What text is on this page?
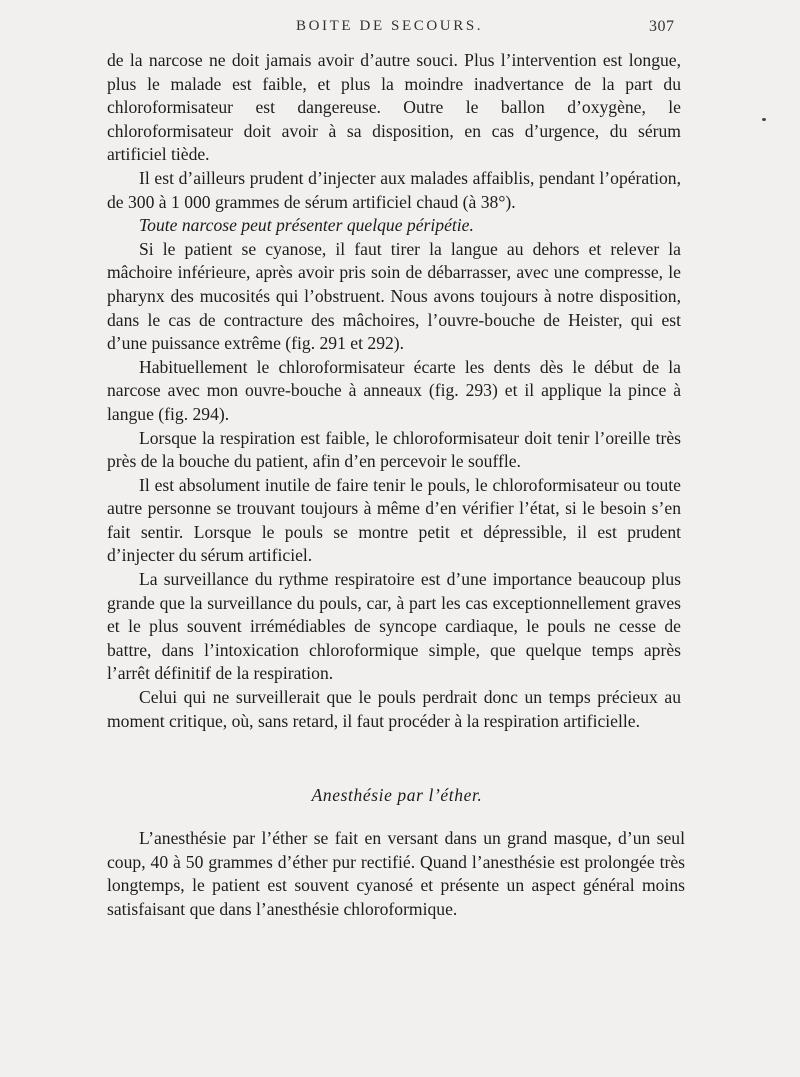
BOITE DE SECOURS.	307

de la narcose ne doit jamais avoir d’autre souci. Plus l’intervention est longue, plus le malade est faible, et plus la moindre inadvertance de la part du chloroformisateur est dangereuse. Outre le ballon d’oxygène, le chloroformisateur doit avoir à sa disposition, en cas d’urgence, du sérum artificiel tiède.

Il est d’ailleurs prudent d’injecter aux malades affaiblis, pendant l’opération, de 300 à 1 000 grammes de sérum artificiel chaud (à 38°).

Toute narcose peut présenter quelque péripétie.

Si le patient se cyanose, il faut tirer la langue au dehors et relever la mâchoire inférieure, après avoir pris soin de débarrasser, avec une compresse, le pharynx des mucosités qui l’obstruent. Nous avons toujours à notre disposition, dans le cas de contracture des mâchoires, l’ouvre-bouche de Heister, qui est d’une puissance extrême (fig. 291 et 292).

Habituellement le chloroformisateur écarte les dents dès le début de la narcose avec mon ouvre-bouche à anneaux (fig. 293) et il applique la pince à langue (fig. 294).

Lorsque la respiration est faible, le chloroformisateur doit tenir l’oreille très près de la bouche du patient, afin d’en percevoir le souffle.

Il est absolument inutile de faire tenir le pouls, le chloroformisateur ou toute autre personne se trouvant toujours à même d’en vérifier l’état, si le besoin s’en fait sentir. Lorsque le pouls se montre petit et dépressible, il est prudent d’injecter du sérum artificiel.

La surveillance du rythme respiratoire est d’une importance beaucoup plus grande que la surveillance du pouls, car, à part les cas exceptionnellement graves et le plus souvent irrémédiables de syncope cardiaque, le pouls ne cesse de battre, dans l’intoxication chloroformique simple, que quelque temps après l’arrêt définitif de la respiration.

Celui qui ne surveillerait que le pouls perdrait donc un temps précieux au moment critique, où, sans retard, il faut procéder à la respiration artificielle.

Anesthésie par l’éther.

L’anesthésie par l’éther se fait en versant dans un grand masque, d’un seul coup, 40 à 50 grammes d’éther pur rectifié. Quand l’anesthésie est prolongée très longtemps, le patient est souvent cyanosé et présente un aspect général moins satisfaisant que dans l’anesthésie chloroformique.
